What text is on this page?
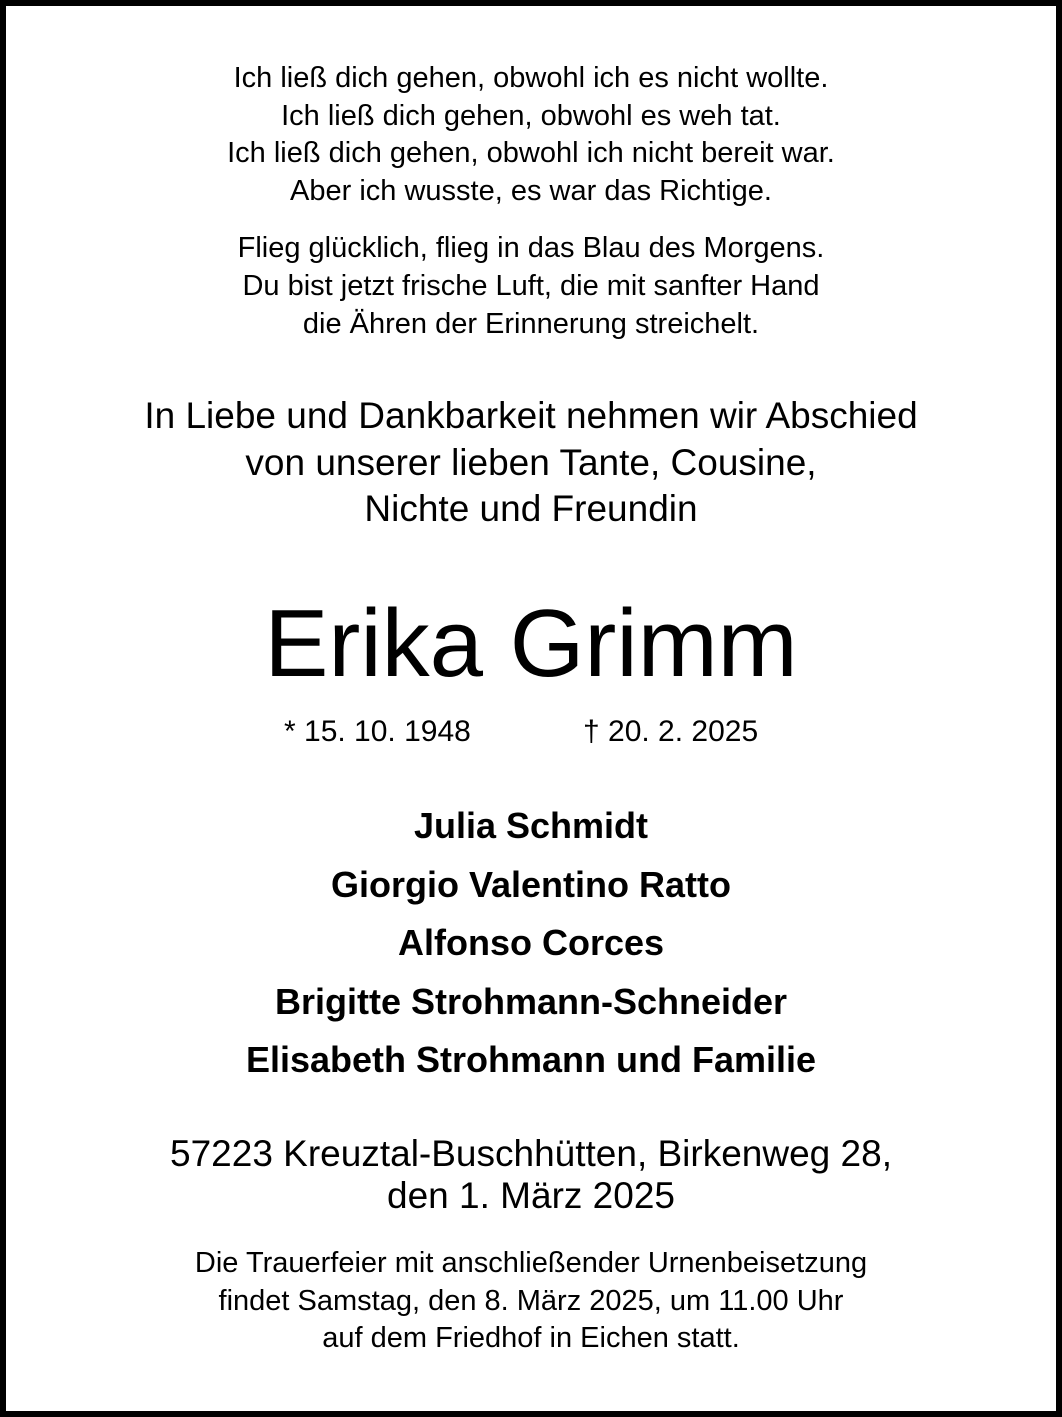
Ich ließ dich gehen, obwohl ich es nicht wollte.
Ich ließ dich gehen, obwohl es weh tat.
Ich ließ dich gehen, obwohl ich nicht bereit war.
Aber ich wusste, es war das Richtige.
Flieg glücklich, flieg in das Blau des Morgens.
Du bist jetzt frische Luft, die mit sanfter Hand
die Ähren der Erinnerung streichelt.
In Liebe und Dankbarkeit nehmen wir Abschied
von unserer lieben Tante, Cousine,
Nichte und Freundin
Erika Grimm
* 15. 10. 1948	† 20. 2. 2025
Julia Schmidt
Giorgio Valentino Ratto
Alfonso Corces
Brigitte Strohmann-Schneider
Elisabeth Strohmann und Familie
57223 Kreuztal-Buschhütten, Birkenweg 28,
den 1. März 2025
Die Trauerfeier mit anschließender Urnenbeisetzung
findet Samstag, den 8. März 2025, um 11.00 Uhr
auf dem Friedhof in Eichen statt.
